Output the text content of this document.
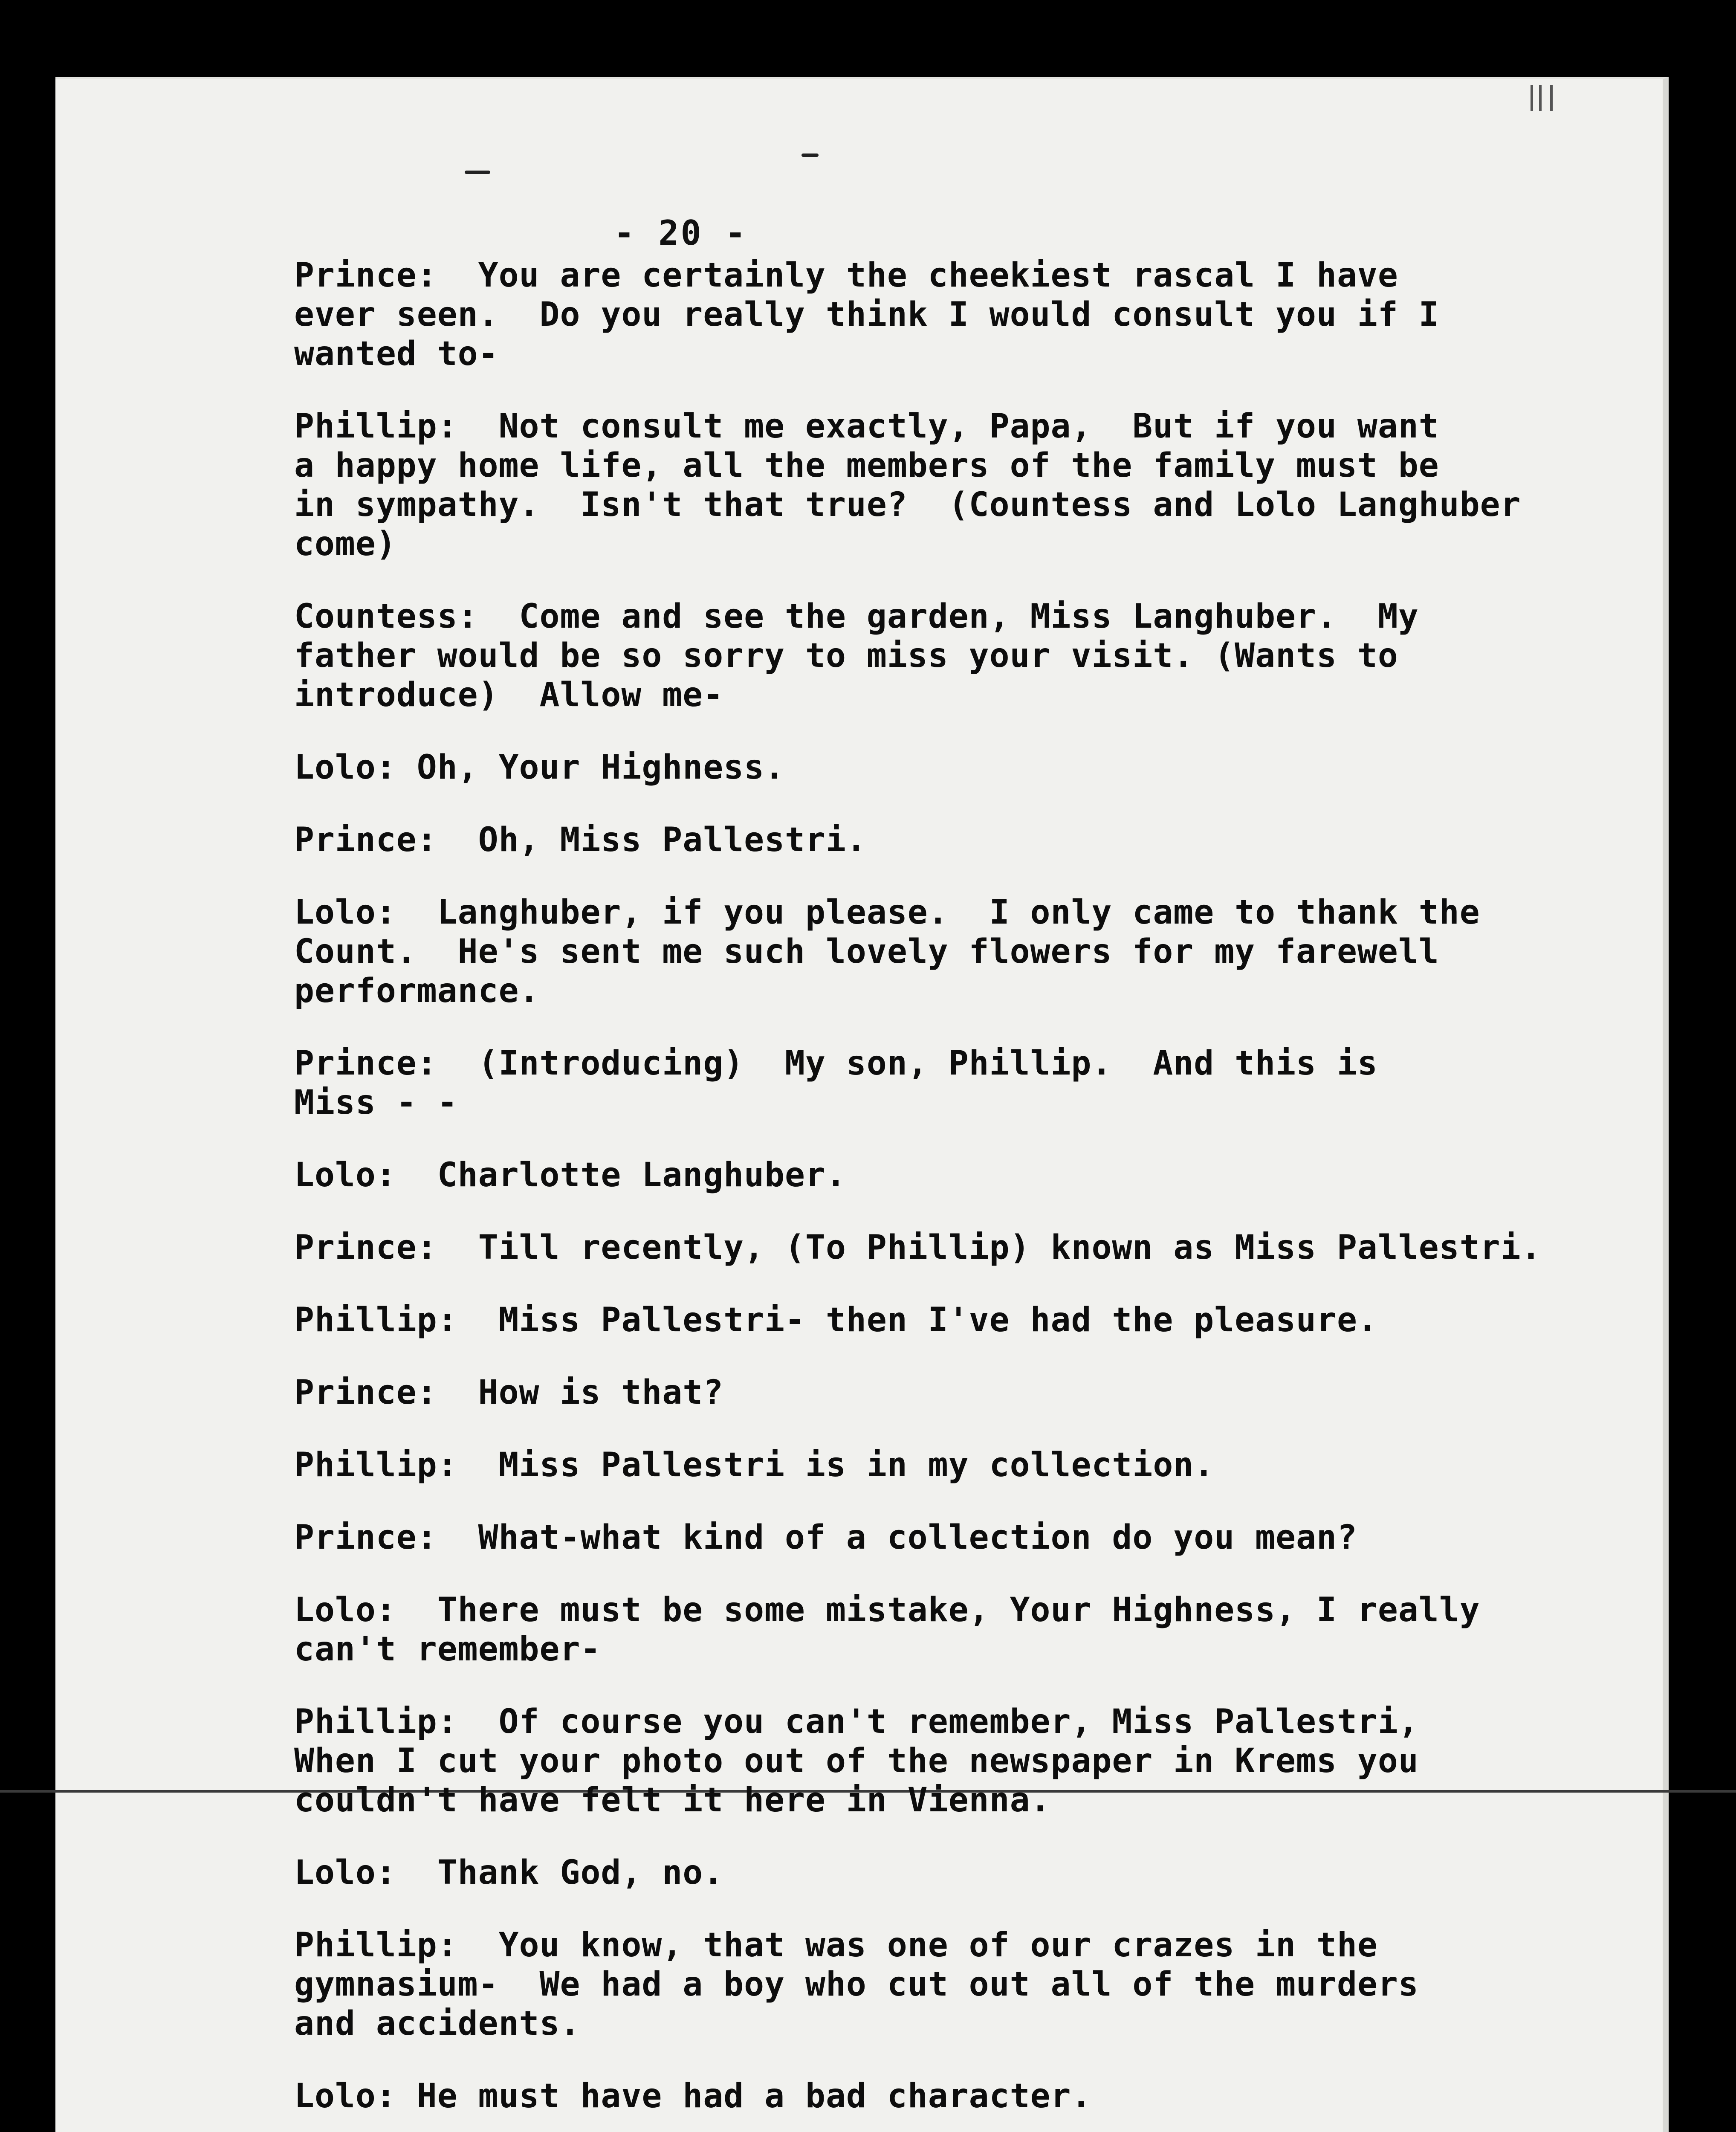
- 20 -
Prince:  You are certainly the cheekiest rascal I have
ever seen.  Do you really think I would consult you if I
wanted to-
Phillip:  Not consult me exactly, Papa,  But if you want
a happy home life, all the members of the family must be
in sympathy.  Isn't that true?  (Countess and Lolo Langhuber
come)
Countess:  Come and see the garden, Miss Langhuber.  My
father would be so sorry to miss your visit. (Wants to
introduce)  Allow me-
Lolo: Oh, Your Highness.
Prince:  Oh, Miss Pallestri.
Lolo:  Langhuber, if you please.  I only came to thank the
Count.  He's sent me such lovely flowers for my farewell
performance.
Prince:  (Introducing)  My son, Phillip.  And this is
Miss - -
Lolo:  Charlotte Langhuber.
Prince:  Till recently, (To Phillip) known as Miss Pallestri.
Phillip:  Miss Pallestri- then I've had the pleasure.
Prince:  How is that?
Phillip:  Miss Pallestri is in my collection.
Prince:  What-what kind of a collection do you mean?
Lolo:  There must be some mistake, Your Highness, I really
can't remember-
Phillip:  Of course you can't remember, Miss Pallestri,
When I cut your photo out of the newspaper in Krems you
couldn't have felt it here in Vienna.
Lolo:  Thank God, no.
Phillip:  You know, that was one of our crazes in the
gymnasium-  We had a boy who cut out all of the murders
and accidents.
Lolo: He must have had a bad character.
